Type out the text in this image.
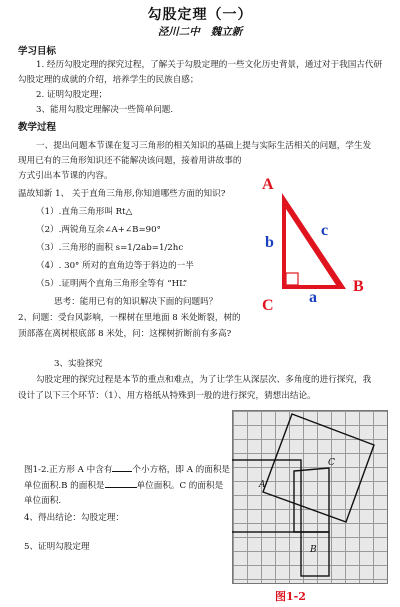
勾股定理（一）
泾川二中   魏立新
学习目标
1. 经历勾股定理的探究过程，了解关于勾股定理的一些文化历史背景，通过对于我国古代研
勾股定理的成就的介绍，培养学生的民族自感；
2. 证明勾股定理；
3、能用勾股定理解决一些简单问题.
教学过程
一、提出问题本节课在复习三角形的相关知识的基础上提与实际生活相关的问题，学生发
现用已有的三角形知识还不能解决该问题，接着用讲故事的
方式引出本节课的内容。
温故知新 1、 关于直角三角形,你知道哪些方面的知识?
（1）.直角三角形叫 Rt△
（2）.两锐角互余∠A+∠B=90°
（3）.三角形的面积 s=1/2ab=1/2hc
（4）. 30° 所对的直角边等于斜边的一半
（5）.证明两个直角三角形全等有 “HL”
思考：能用已有的知识解决下面的问题吗？
2、问题：受台风影响，一棵树在里地面 8 米处断裂，树的
顶部落在离树根底部 8 米处，问：这棵树折断前有多高?
A
B
C
b
c
a
3、实验探究
勾股定理的探究过程是本节的重点和难点，为了让学生从深层次、多角度的进行探究，我
设计了以下三个环节：（1）、用方格纸从特殊到一般的进行探究，猜想出结论。
图1-2.正方形 A 中含有 个小方格，即 A 的面积是
单位面积.B 的面积是	单位面积。C 的面积是
单位面积.
4、得出结论：勾股定理：
5、证明勾股定理
A
B
C
图1-2
